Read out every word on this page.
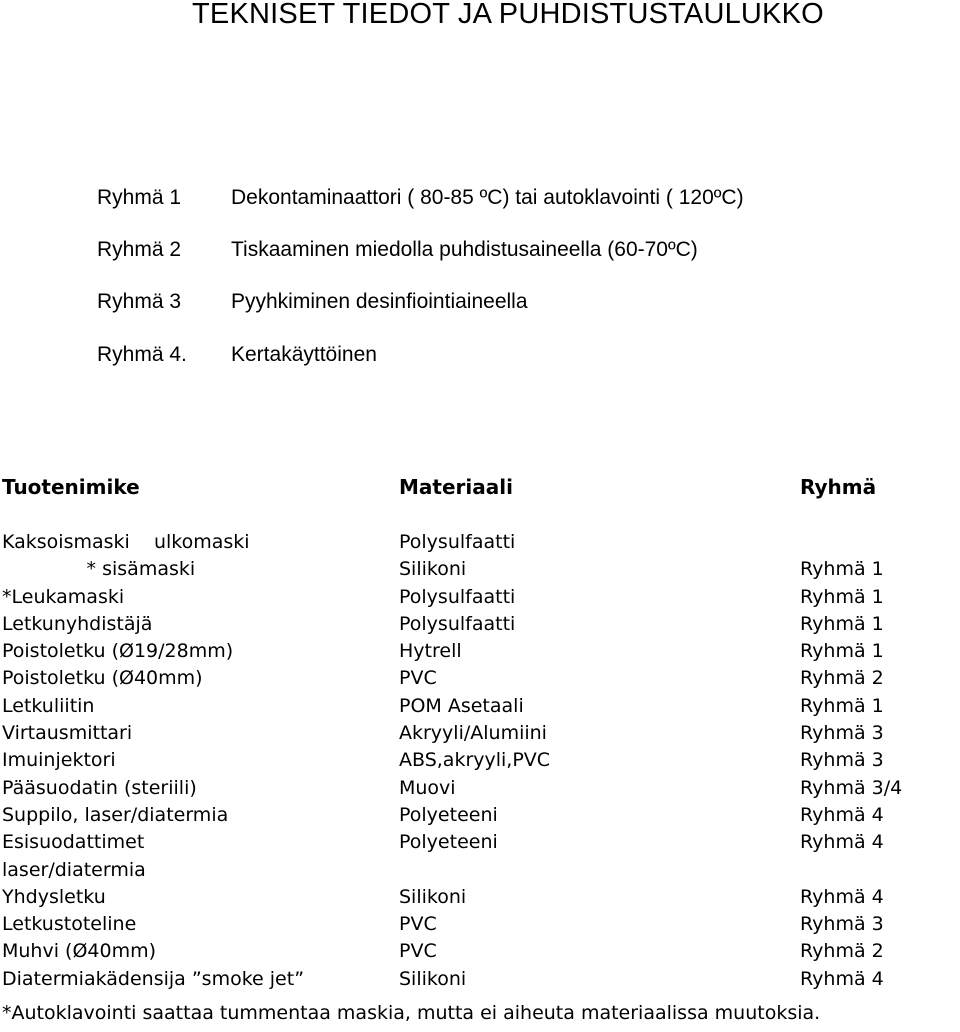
TEKNISET TIEDOT JA PUHDISTUSTAULUKKO
Ryhmä 1 Dekontaminaattori ( 80-85 ºC) tai autoklavointi ( 120ºC)
Ryhmä 2 Tiskaaminen miedolla puhdistusaineella (60-70ºC)
Ryhmä 3 Pyyhkiminen desinfiointiaineella
Ryhmä 4. Kertakäyttöinen
Tuotenimike	Materiaali	Ryhmä
Kaksoismaski    ulkomaski	Polysulfaatti
* sisämaski	Silikoni	Ryhmä 1
*Leukamaski	Polysulfaatti	Ryhmä 1
Letkunyhdistäjä	Polysulfaatti	Ryhmä 1
Poistoletku (Ø19/28mm)	Hytrell	Ryhmä 1
Poistoletku (Ø40mm)	PVC	Ryhmä 2
Letkuliitin	POM Asetaali	Ryhmä 1
Virtausmittari	Akryyli/Alumiini	Ryhmä 3
Imuinjektori	ABS,akryyli,PVC	Ryhmä 3
Pääsuodatin (steriili)	Muovi	Ryhmä 3/4
Suppilo, laser/diatermia	Polyeteeni	Ryhmä 4
Esisuodattimet	Polyeteeni	Ryhmä 4
laser/diatermia
Yhdysletku	Silikoni	Ryhmä 4
Letkustoteline	PVC	Ryhmä 3
Muhvi (Ø40mm)	PVC	Ryhmä 2
Diatermiakädensija ”smoke jet”	Silikoni	Ryhmä 4
*Autoklavointi saattaa tummentaa maskia, mutta ei aiheuta materiaalissa muutoksia.
